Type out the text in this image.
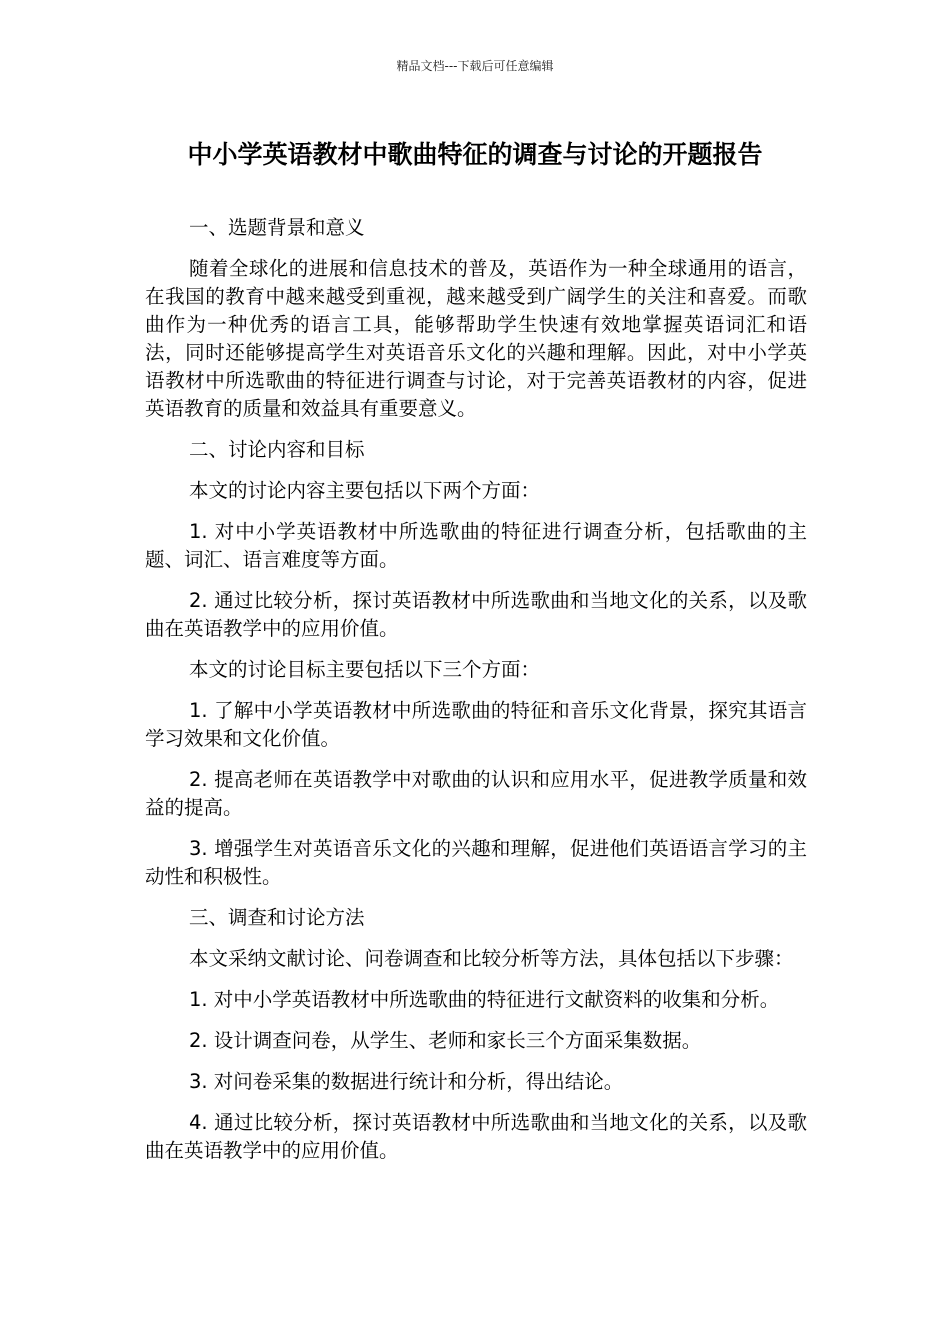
精品文档---下载后可任意编辑
中小学英语教材中歌曲特征的调查与讨论的开题报告

一、选题背景和意义

随着全球化的进展和信息技术的普及，英语作为一种全球通用的语言，在我国的教育中越来越受到重视，越来越受到广阔学生的关注和喜爱。而歌曲作为一种优秀的语言工具，能够帮助学生快速有效地掌握英语词汇和语法，同时还能够提高学生对英语音乐文化的兴趣和理解。因此，对中小学英语教材中所选歌曲的特征进行调查与讨论，对于完善英语教材的内容，促进英语教育的质量和效益具有重要意义。

二、讨论内容和目标

本文的讨论内容主要包括以下两个方面：

1. 对中小学英语教材中所选歌曲的特征进行调查分析，包括歌曲的主题、词汇、语言难度等方面。

2. 通过比较分析，探讨英语教材中所选歌曲和当地文化的关系，以及歌曲在英语教学中的应用价值。

本文的讨论目标主要包括以下三个方面：

1. 了解中小学英语教材中所选歌曲的特征和音乐文化背景，探究其语言学习效果和文化价值。

2. 提高老师在英语教学中对歌曲的认识和应用水平，促进教学质量和效益的提高。

3. 增强学生对英语音乐文化的兴趣和理解，促进他们英语语言学习的主动性和积极性。

三、调查和讨论方法

本文采纳文献讨论、问卷调查和比较分析等方法，具体包括以下步骤：

1. 对中小学英语教材中所选歌曲的特征进行文献资料的收集和分析。

2. 设计调查问卷，从学生、老师和家长三个方面采集数据。

3. 对问卷采集的数据进行统计和分析，得出结论。

4. 通过比较分析，探讨英语教材中所选歌曲和当地文化的关系，以及歌曲在英语教学中的应用价值。
